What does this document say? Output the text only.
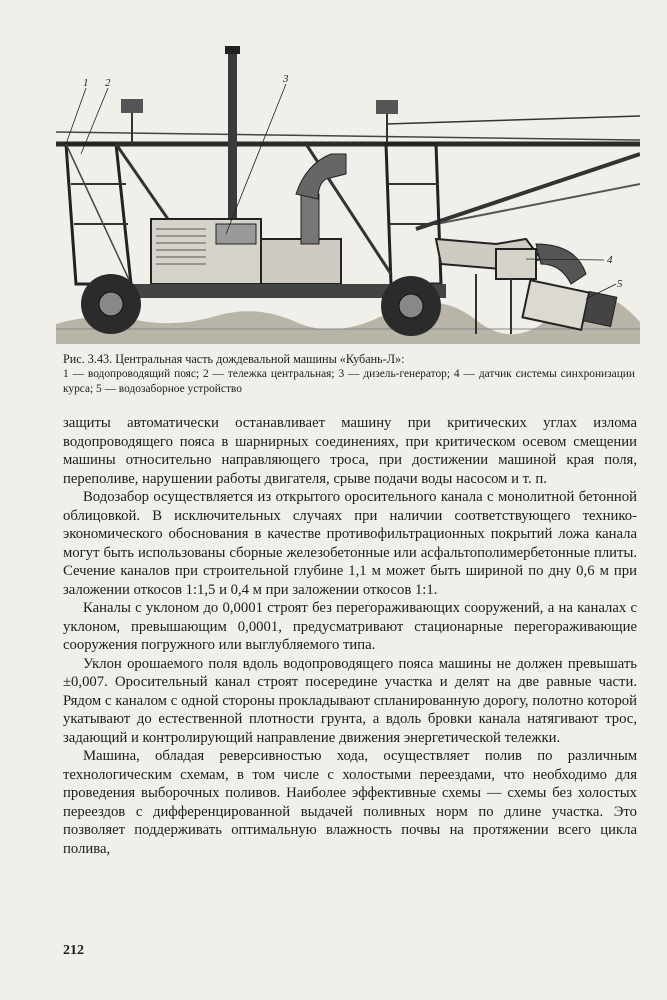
1 2	3
4
5
Рис. 3.43. Центральная часть дождевальной машины «Кубань-Л»:
1 — водопроводящий пояс; 2 — тележка центральная; 3 — дизель-генератор; 4 — датчик системы синхронизации курса; 5 — водозаборное устройство

защиты автоматически останавливает машину при критических углах излома водопроводящего пояса в шарнирных соединениях, при критическом осевом смещении машины относительно направляющего троса, при достижении машиной края поля, переполиве, нарушении работы двигателя, срыве подачи воды насосом и т. п.

Водозабор осуществляется из открытого оросительного канала с монолитной бетонной облицовкой. В исключительных случаях при наличии соответствующего технико-экономического обоснования в качестве противофильтрационных покрытий ложа канала могут быть использованы сборные железобетонные или асфальтополимербетонные плиты. Сечение каналов при строительной глубине 1,1 м может быть шириной по дну 0,6 м при заложении откосов 1:1,5 и 0,4 м при заложении откосов 1:1.

Каналы с уклоном до 0,0001 строят без перегораживающих сооружений, а на каналах с уклоном, превышающим 0,0001, предусматривают стационарные перегораживающие сооружения погружного или выглубляемого типа.

Уклон орошаемого поля вдоль водопроводящего пояса машины не должен превышать ±0,007. Оросительный канал строят посередине участка и делят на две равные части. Рядом с каналом с одной стороны прокладывают спланированную дорогу, полотно которой укатывают до естественной плотности грунта, а вдоль бровки канала натягивают трос, задающий и контролирующий направление движения энергетической тележки.

Машина, обладая реверсивностью хода, осуществляет полив по различным технологическим схемам, в том числе с холостыми переездами, что необходимо для проведения выборочных поливов. Наиболее эффективные схемы — схемы без холостых переездов с дифференцированной выдачей поливных норм по длине участка. Это позволяет поддерживать оптимальную влажность почвы на протяжении всего цикла полива,

212
